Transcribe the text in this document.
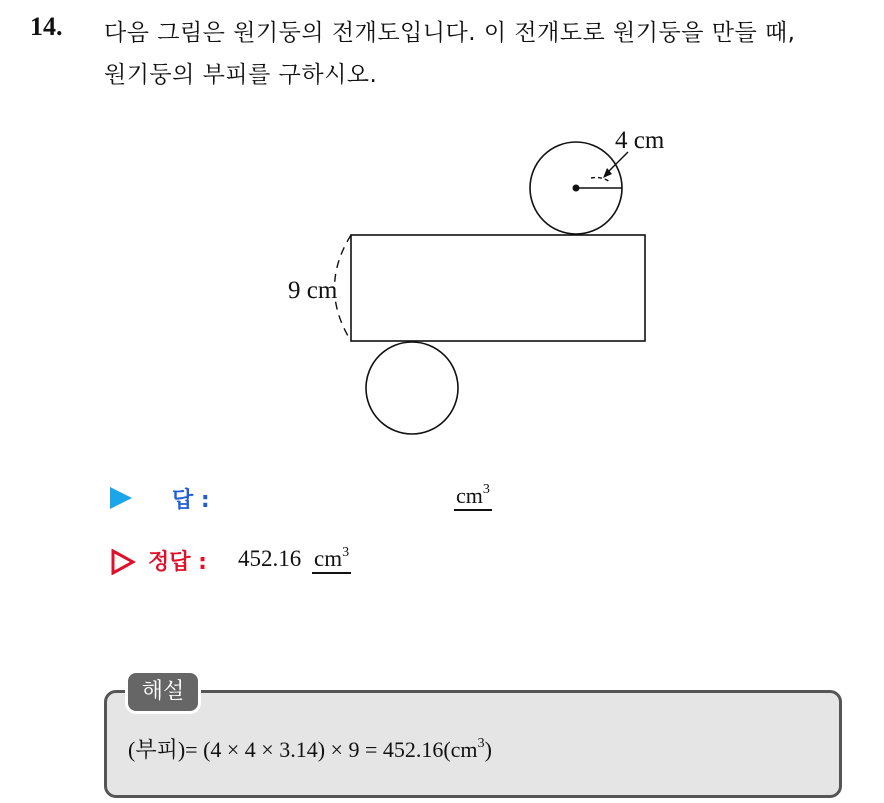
14. 다음 그림은 원기둥의 전개도입니다. 이 전개도로 원기둥을 만들 때,
원기둥의 부피를 구하시오.
4 cm
9 cm
답 :	$cm^3$
정답 : 452.16 $cm^3$
해설
(부피)= $(4 \times 4 \times 3.14) \times 9 = 452.16(cm^3)$
